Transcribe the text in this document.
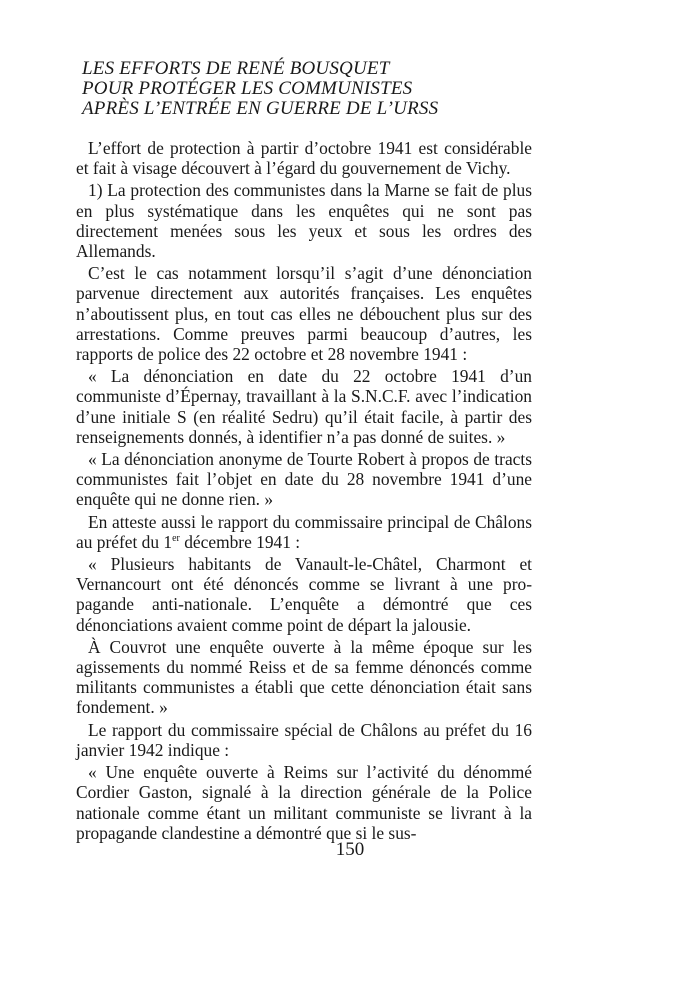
LES EFFORTS DE RENÉ BOUSQUET
POUR PROTÉGER LES COMMUNISTES
APRÈS L’ENTRÉE EN GUERRE DE L’URSS

L’effort de protection à partir d’octobre 1941 est considérable et fait à visage découvert à l’égard du gouvernement de Vichy.

1) La protection des communistes dans la Marne se fait de plus en plus systématique dans les enquêtes qui ne sont pas directement menées sous les yeux et sous les ordres des Allemands.

C’est le cas notamment lorsqu’il s’agit d’une dénonciation parvenue directement aux autorités françaises. Les enquêtes n’aboutissent plus, en tout cas elles ne débouchent plus sur des arrestations. Comme preuves parmi beaucoup d’autres, les rapports de police des 22 octobre et 28 novembre 1941 :

« La dénonciation en date du 22 octobre 1941 d’un communiste d’Épernay, travaillant à la S.N.C.F. avec l’indication d’une initiale S (en réalité Sedru) qu’il était facile, à partir des renseignements donnés, à identifier n’a pas donné de suites. »

« La dénonciation anonyme de Tourte Robert à propos de tracts communistes fait l’objet en date du 28 novembre 1941 d’une enquête qui ne donne rien. »

En atteste aussi le rapport du commissaire principal de Châlons au préfet du 1er décembre 1941 :

« Plusieurs habitants de Vanault-le-Châtel, Charmont et Vernancourt ont été dénoncés comme se livrant à une propagande anti-nationale. L’enquête a démontré que ces dénonciations avaient comme point de départ la jalousie.

À Couvrot une enquête ouverte à la même époque sur les agissements du nommé Reiss et de sa femme dénoncés comme militants communistes a établi que cette dénonciation était sans fondement. »

Le rapport du commissaire spécial de Châlons au préfet du 16 janvier 1942 indique :

« Une enquête ouverte à Reims sur l’activité du dénommé Cordier Gaston, signalé à la direction générale de la Police nationale comme étant un militant communiste se livrant à la propagande clandestine a démontré que si le sus-

150
